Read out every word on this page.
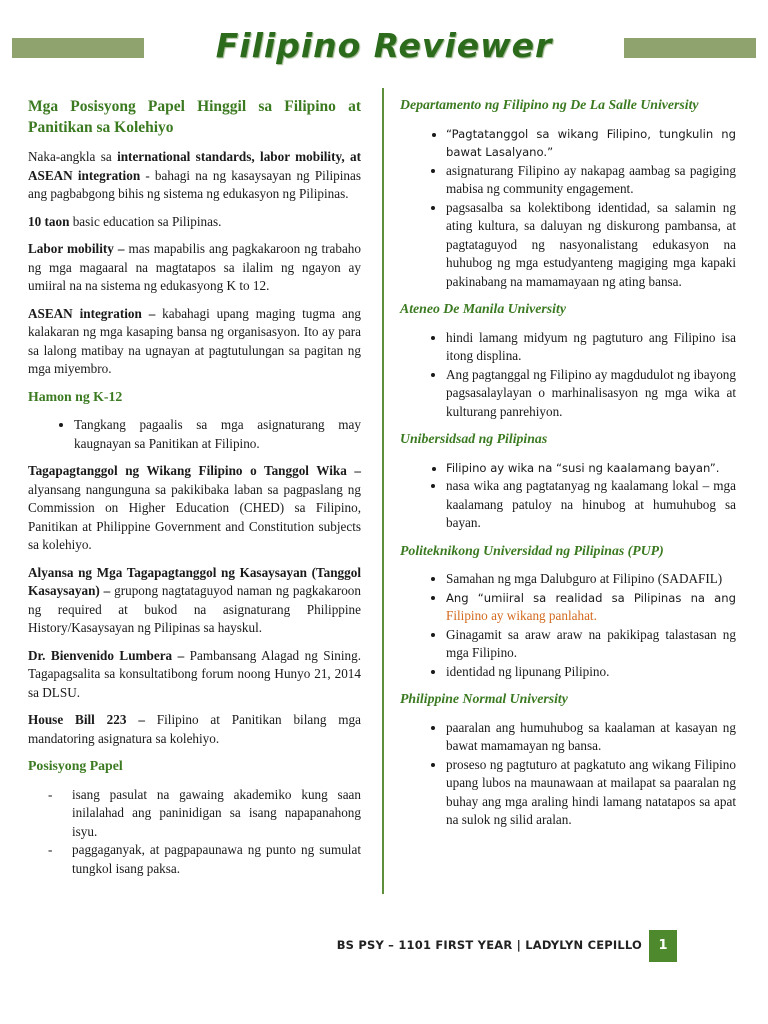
Filipino Reviewer
Mga Posisyong Papel Hinggil sa Filipino at Panitikan sa Kolehiyo

Naka-angkla sa international standards, labor mobility, at ASEAN integration - bahagi na ng kasaysayan ng Pilipinas ang pagbabgong bihis ng sistema ng edukasyon ng Pilipinas.

10 taon basic education sa Pilipinas.

Labor mobility – mas mapabilis ang pagkakaroon ng trabaho ng mga magaaral na magtatapos sa ilalim ng ngayon ay umiiral na na sistema ng edukasyong K to 12.

ASEAN integration – kabahagi upang maging tugma ang kalakaran ng mga kasaping bansa ng organisasyon. Ito ay para sa lalong matibay na ugnayan at pagtutulungan sa pagitan ng mga miyembro.

Hamon ng K-12
• Tangkang pagaalis sa mga asignaturang may kaugnayan sa Panitikan at Filipino.

Tagapagtanggol ng Wikang Filipino o Tanggol Wika – alyansang nangunguna sa pakikibaka laban sa pagpaslang ng Commission on Higher Education (CHED) sa Filipino, Panitikan at Philippine Government and Constitution subjects sa kolehiyo.

Alyansa ng Mga Tagapagtanggol ng Kasaysayan (Tanggol Kasaysayan) – grupong nagtataguyod naman ng pagkakaroon ng required at bukod na asignaturang Philippine History/Kasaysayan ng Pilipinas sa hayskul.

Dr. Bienvenido Lumbera – Pambansang Alagad ng Sining. Tagapagsalita sa konsultatibong forum noong Hunyo 21, 2014 sa DLSU.

House Bill 223 – Filipino at Panitikan bilang mga mandatoring asignatura sa kolehiyo.

Posisyong Papel
- isang pasulat na gawaing akademiko kung saan inilalahad ang paninidigan sa isang napapanahong isyu.
- paggaganyak, at pagpapaunawa ng punto ng sumulat tungkol isang paksa.
Departamento ng Filipino ng De La Salle University
• “Pagtatanggol sa wikang Filipino, tungkulin ng bawat Lasalyano.”
• asignaturang Filipino ay nakapag aambag sa pagiging mabisa ng community engagement.
• pagsasalba sa kolektibong identidad, sa salamin ng ating kultura, sa daluyan ng diskurong pambansa, at pagtataguyod ng nasyonalistang edukasyon na huhubog ng mga estudyanteng magiging mga kapaki pakinabang na mamamayaan ng ating bansa.
Ateneo De Manila University
• hindi lamang midyum ng pagtuturo ang Filipino isa itong displina.
• Ang pagtanggal ng Filipino ay magdudulot ng ibayong pagsasalaylayan o marhinalisasyon ng mga wika at kulturang panrehiyon.
Unibersidsad ng Pilipinas
• Filipino ay wika na “susi ng kaalamang bayan”.
• nasa wika ang pagtatanyag ng kaalamang lokal – mga kaalamang patuloy na hinubog at humuhubog sa bayan.
Politeknikong Universidad ng Pilipinas (PUP)
• Samahan ng mga Dalubguro at Filipino (SADAFIL)
• Ang “umiiral sa realidad sa Pilipinas na ang Filipino ay wikang panlahat.
• Ginagamit sa araw araw na pakikipag talastasan ng mga Filipino.
• identidad ng lipunang Pilipino.
Philippine Normal University
• paaralan ang humuhubog sa kaalaman at kasayan ng bawat mamamayan ng bansa.
• proseso ng pagtuturo at pagkatuto ang wikang Filipino upang lubos na maunawaan at mailapat sa paaralan ng buhay ang mga araling hindi lamang natatapos sa apat na sulok ng silid aralan.
BS PSY – 1101 FIRST YEAR | LADYLYN CEPILLO	1
